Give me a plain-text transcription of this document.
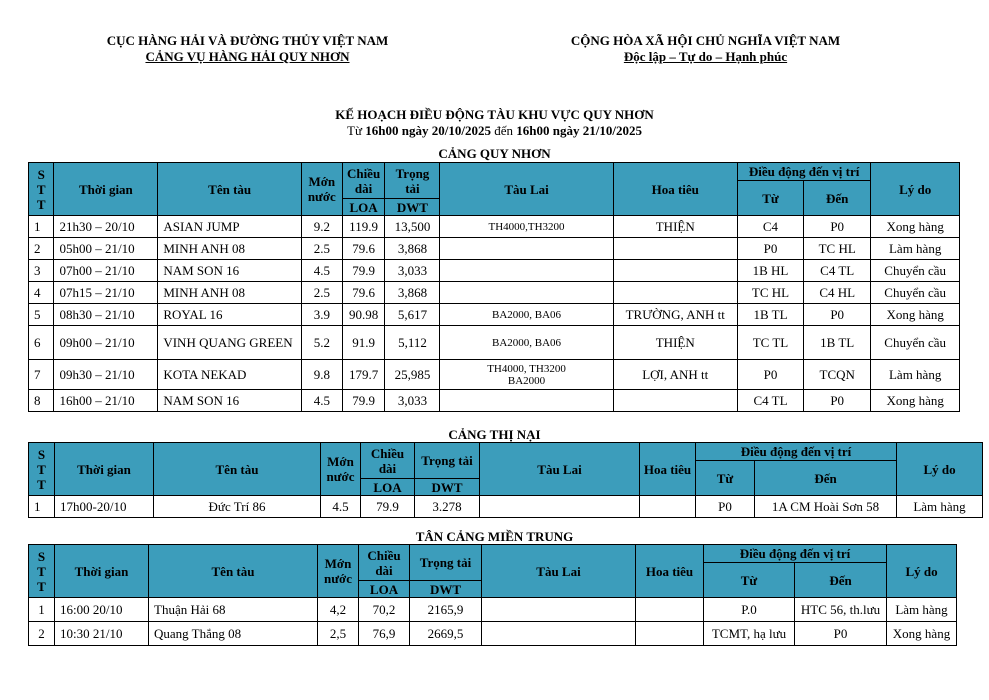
CỤC HÀNG HẢI VÀ ĐƯỜNG THỦY VIỆT NAM
CẢNG VỤ HÀNG HẢI QUY NHƠN
CỘNG HÒA XÃ HỘI CHỦ NGHĨA VIỆT NAM
Độc lập – Tự do – Hạnh phúc
KẾ HOẠCH ĐIỀU ĐỘNG TÀU KHU VỰC QUY NHƠN
Từ 16h00 ngày 20/10/2025 đến 16h00 ngày 21/10/2025
CẢNG QUY NHƠN
S
T
T	Thời gian	Tên tàu	Mớn nước	Chiều dài	Trọng tải	Tàu Lai	Hoa tiêu	Điều động đến vị trí		Lý do
								Từ	Đến	
				LOA	DWT					
1	21h30 – 20/10	ASIAN JUMP	9.2	119.9	13,500	TH4000,TH3200	THIỆN	C4	P0	Xong hàng
2	05h00 – 21/10	MINH ANH 08	2.5	79.6	3,868			P0	TC HL	Làm hàng
3	07h00 – 21/10	NAM SON 16	4.5	79.9	3,033			1B HL	C4 TL	Chuyển cầu
4	07h15 – 21/10	MINH ANH 08	2.5	79.6	3,868			TC HL	C4 HL	Chuyển cầu
5	08h30 – 21/10	ROYAL 16	3.9	90.98	5,617	BA2000, BA06	TRƯỜNG, ANH tt	1B TL	P0	Xong hàng
6	09h00 – 21/10	VINH QUANG GREEN	5.2	91.9	5,112	BA2000, BA06	THIỆN	TC TL	1B TL	Chuyển cầu
7	09h30 – 21/10	KOTA NEKAD	9.8	179.7	25,985	TH4000, TH3200
BA2000	LỢI, ANH tt	P0	TCQN	Làm hàng
8	16h00 – 21/10	NAM SON 16	4.5	79.9	3,033			C4 TL	P0	Xong hàng
CẢNG THỊ NẠI
S
T
T	Thời gian	Tên tàu	Mớn nước	Chiều dài	Trọng tải	Tàu Lai	Hoa tiêu	Điều động đến vị trí		Lý do
								Từ	Đến	
				LOA	DWT					
1	17h00-20/10	Đức Trí 86	4.5	79.9	3.278			P0	1A CM Hoài Sơn 58	Làm hàng
TÂN CẢNG MIỀN TRUNG
S
T
T	Thời gian	Tên tàu	Mớn nước	Chiều dài	Trọng tải	Tàu Lai	Hoa tiêu	Điều động đến vị trí		Lý do
								Từ	Đến	
				LOA	DWT					
1	16:00 20/10	Thuận Hải 68	4,2	70,2	2165,9			P.0	HTC 56, th.lưu	Làm hàng
2	10:30 21/10	Quang Thắng 08	2,5	76,9	2669,5			TCMT, hạ lưu	P0	Xong hàng
